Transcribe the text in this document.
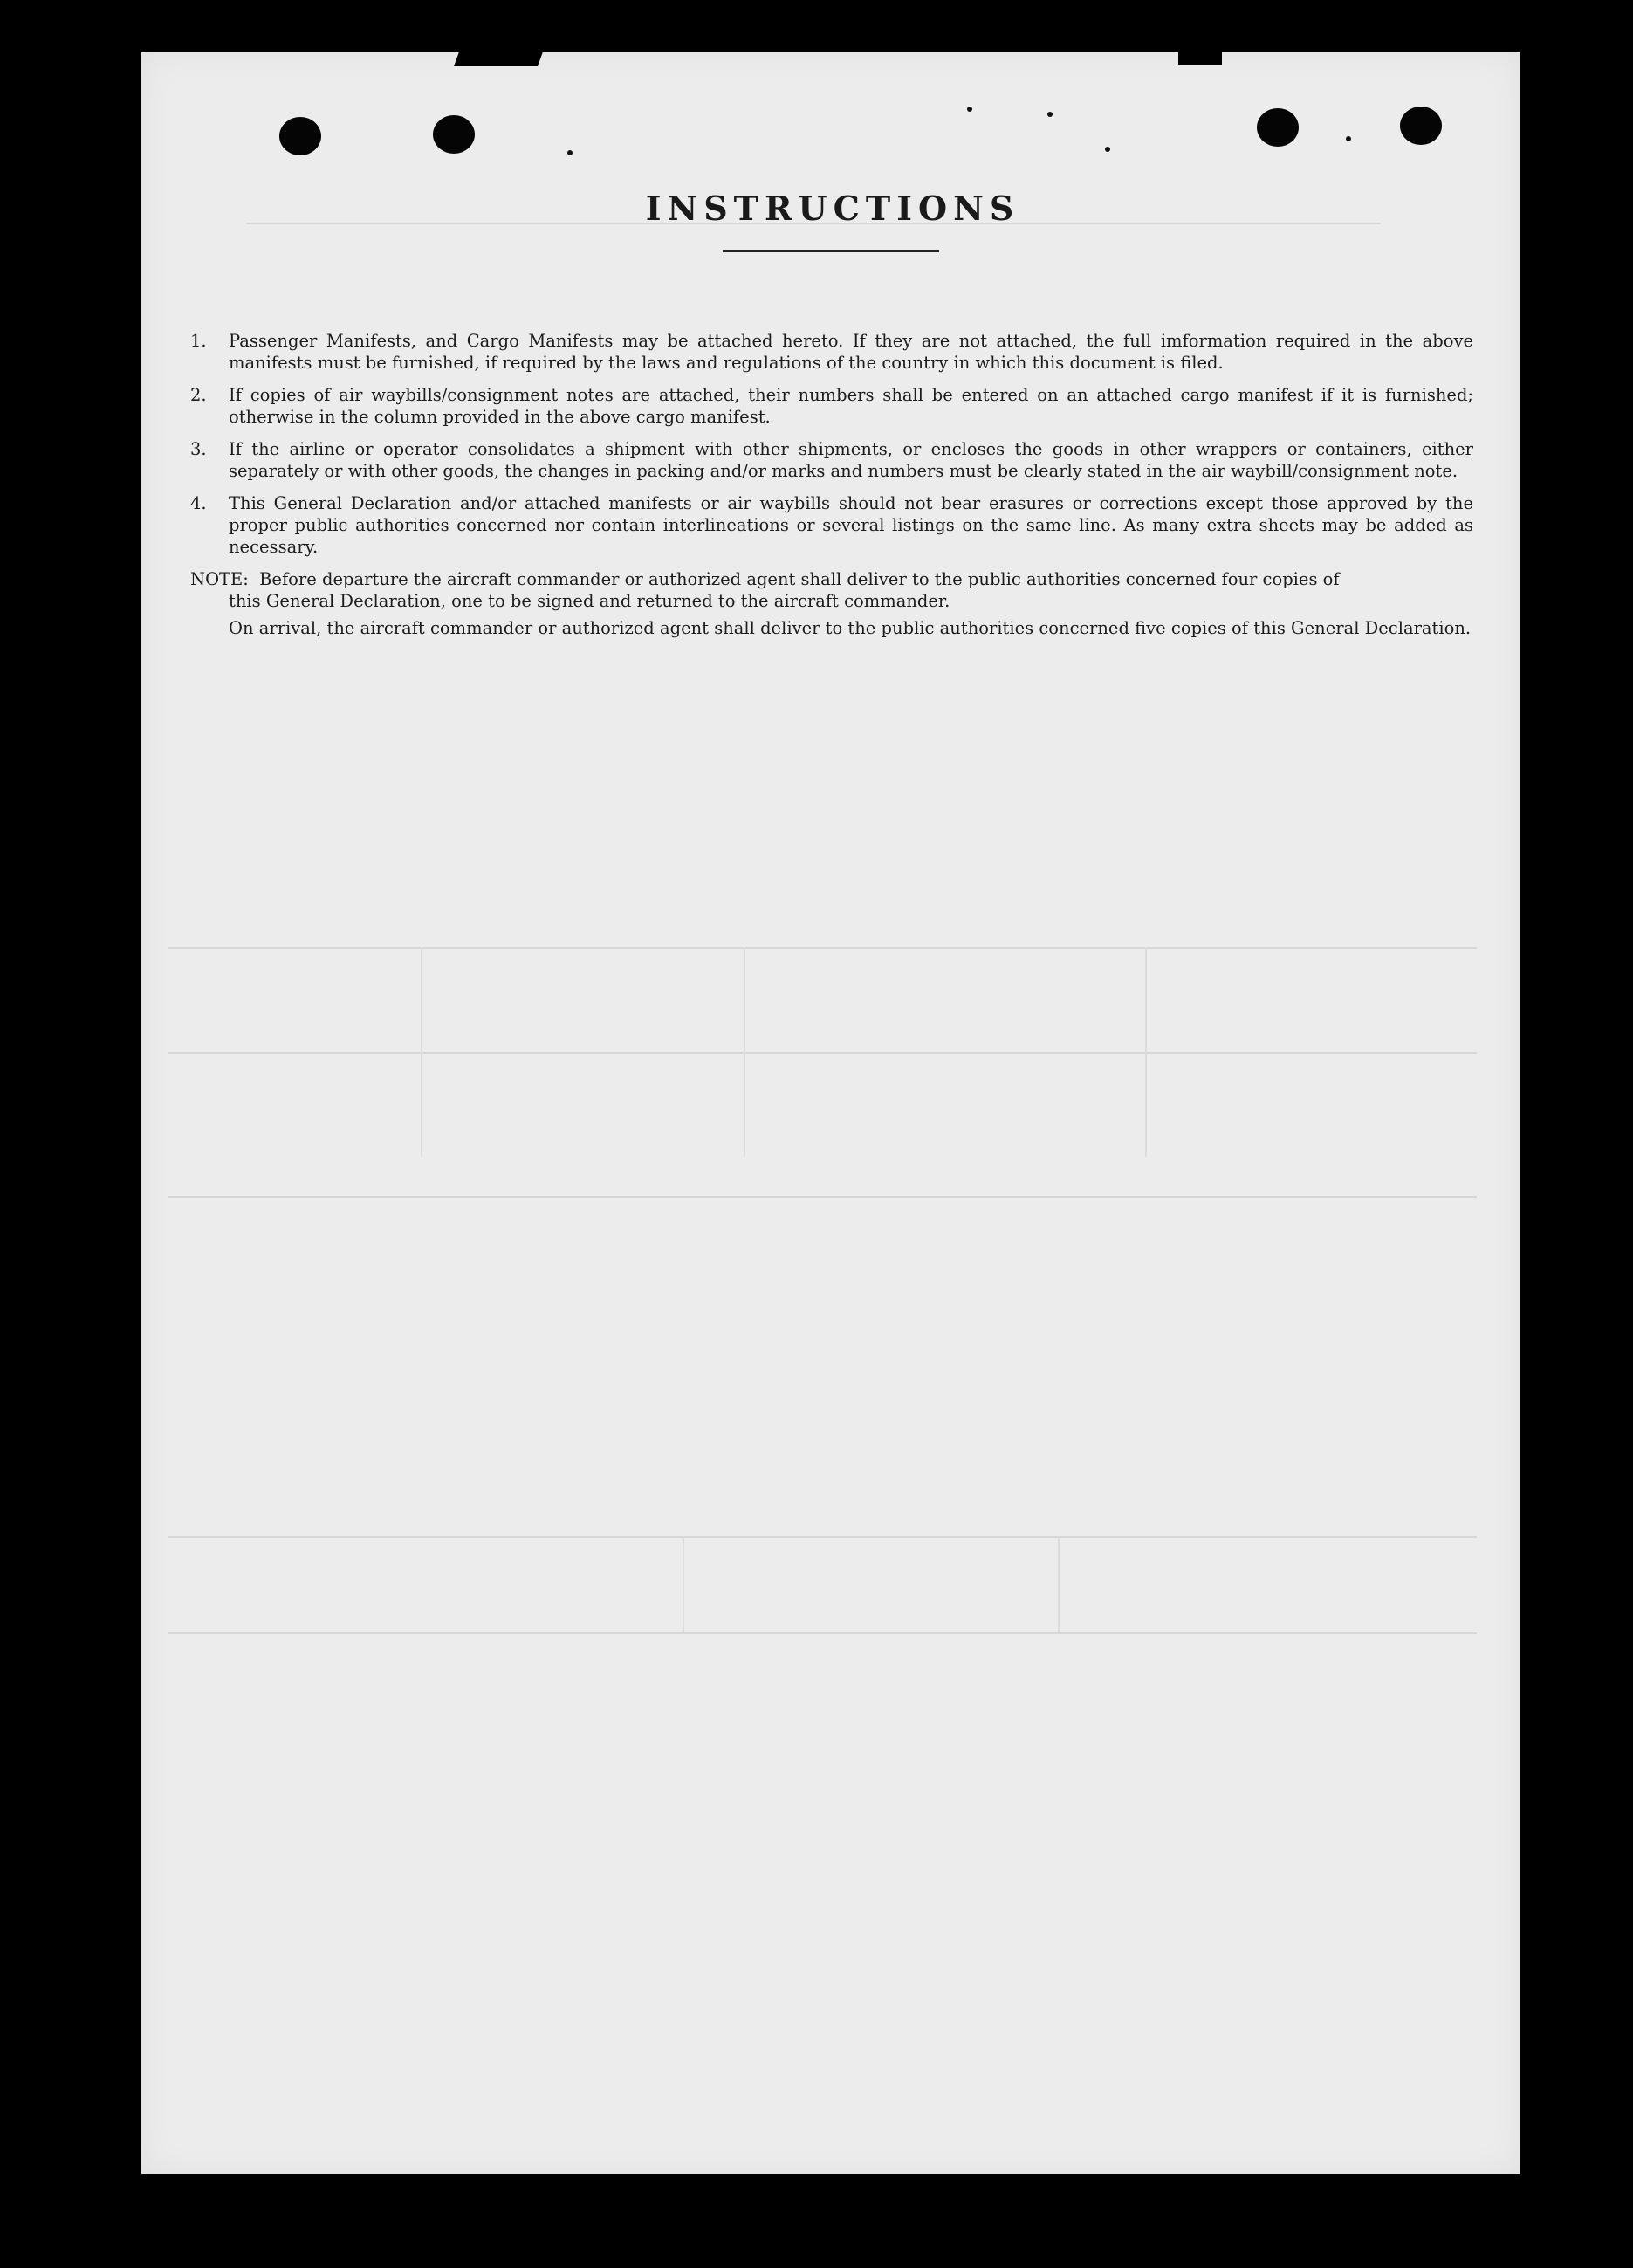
INSTRUCTIONS
1.	Passenger Manifests, and Cargo Manifests may be attached hereto. If they are not attached, the full imformation required in the above manifests must be furnished, if required by the laws and regulations of the country in which this document is filed.
2.	If copies of air waybills/consignment notes are attached, their numbers shall be entered on an attached cargo manifest if it is furnished; otherwise in the column provided in the above cargo manifest.
3.	If the airline or operator consolidates a shipment with other shipments, or encloses the goods in other wrappers or containers, either separately or with other goods, the changes in packing and/or marks and numbers must be clearly stated in the air waybill/consignment note.
4.	This General Declaration and/or attached manifests or air waybills should not bear erasures or corrections except those approved by the proper public authorities concerned nor contain interlineations or several listings on the same line. As many extra sheets may be added as necessary.
NOTE: Before departure the aircraft commander or authorized agent shall deliver to the public authorities concerned four copies of
this General Declaration, one to be signed and returned to the aircraft commander.
On arrival, the aircraft commander or authorized agent shall deliver to the public authorities concerned five copies of this General Declaration.
